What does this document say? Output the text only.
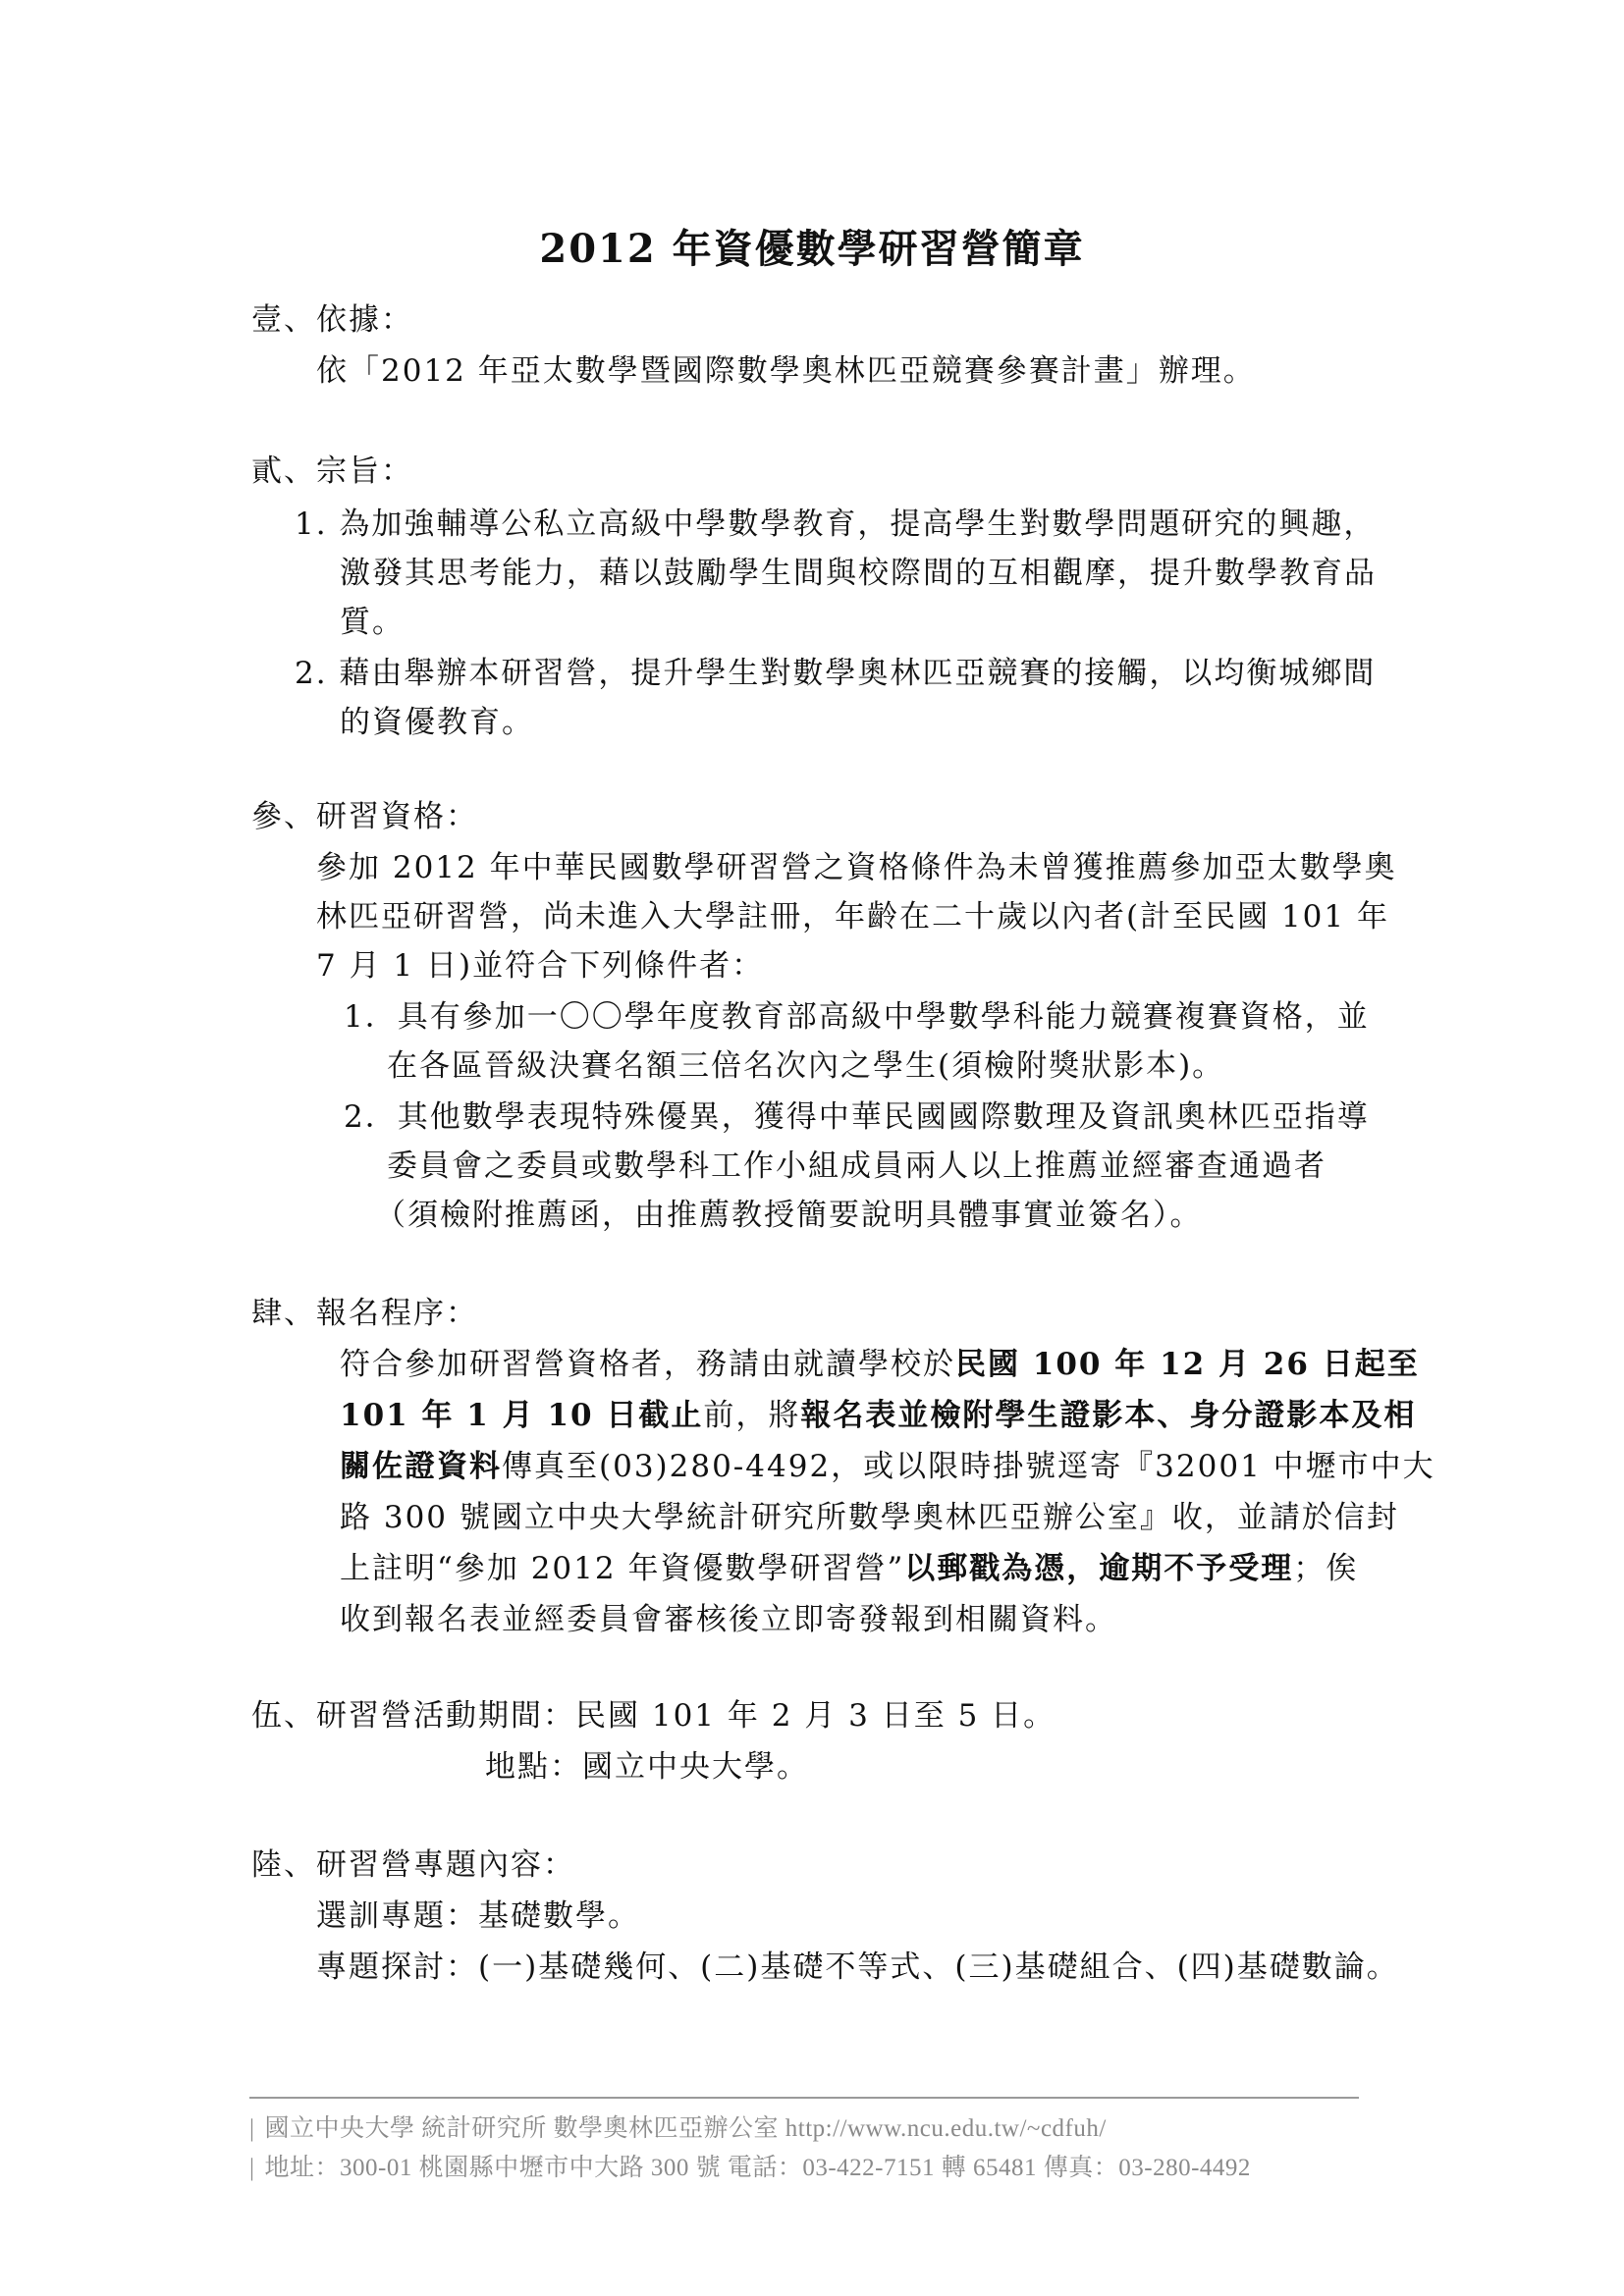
2012 年資優數學研習營簡章
壹、依據：
依「2012 年亞太數學暨國際數學奧林匹亞競賽參賽計畫」辦理。
貳、宗旨：
1. 為加強輔導公私立高級中學數學教育，提高學生對數學問題研究的興趣，
激發其思考能力，藉以鼓勵學生間與校際間的互相觀摩，提升數學教育品
質。
2. 藉由舉辦本研習營，提升學生對數學奧林匹亞競賽的接觸，以均衡城鄉間
的資優教育。
參、研習資格：
參加 2012 年中華民國數學研習營之資格條件為未曾獲推薦參加亞太數學奧
林匹亞研習營，尚未進入大學註冊，年齡在二十歲以內者(計至民國 101 年
7 月 1 日)並符合下列條件者：
1．具有參加一〇〇學年度教育部高級中學數學科能力競賽複賽資格，並
在各區晉級決賽名額三倍名次內之學生(須檢附獎狀影本)。
2．其他數學表現特殊優異，獲得中華民國國際數理及資訊奧林匹亞指導
委員會之委員或數學科工作小組成員兩人以上推薦並經審查通過者
（須檢附推薦函，由推薦教授簡要說明具體事實並簽名）。
肆、報名程序：
符合參加研習營資格者，務請由就讀學校於民國 100 年 12 月 26 日起至
101 年 1 月 10 日截止前，將報名表並檢附學生證影本、身分證影本及相
關佐證資料傳真至(03)280-4492，或以限時掛號逕寄『32001 中壢市中大
路 300 號國立中央大學統計研究所數學奧林匹亞辦公室』收，並請於信封
上註明“參加 2012 年資優數學研習營”以郵戳為憑，逾期不予受理；俟
收到報名表並經委員會審核後立即寄發報到相關資料。
伍、研習營活動期間：民國 101 年 2 月 3 日至 5 日。
地點：國立中央大學。
陸、研習營專題內容：
選訓專題：基礎數學。
專題探討：(一)基礎幾何、(二)基礎不等式、(三)基礎組合、(四)基礎數論。
| 國立中央大學 統計研究所 數學奧林匹亞辦公室 http://www.ncu.edu.tw/~cdfuh/
| 地址：300-01 桃園縣中壢市中大路 300 號 電話：03-422-7151 轉 65481 傳真：03-280-4492
